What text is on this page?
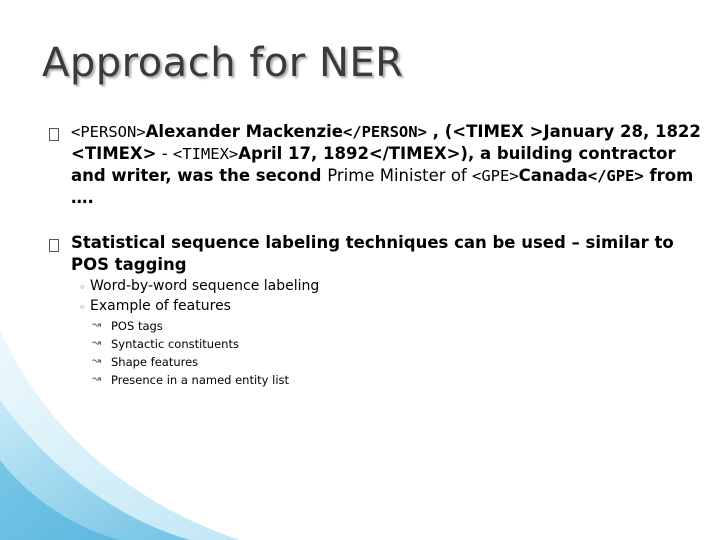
Approach for NER
<PERSON>Alexander Mackenzie</PERSON> , (<TIMEX >January 28, 1822 <TIMEX> - <TIMEX>April 17, 1892</TIMEX>), a building contractor and writer, was the second Prime Minister of <GPE>Canada</GPE> from ….
Statistical sequence labeling techniques can be used – similar to POS tagging
◦ Word-by-word sequence labeling
◦ Example of features
↝ POS tags
↝ Syntactic constituents
↝ Shape features
↝ Presence in a named entity list
